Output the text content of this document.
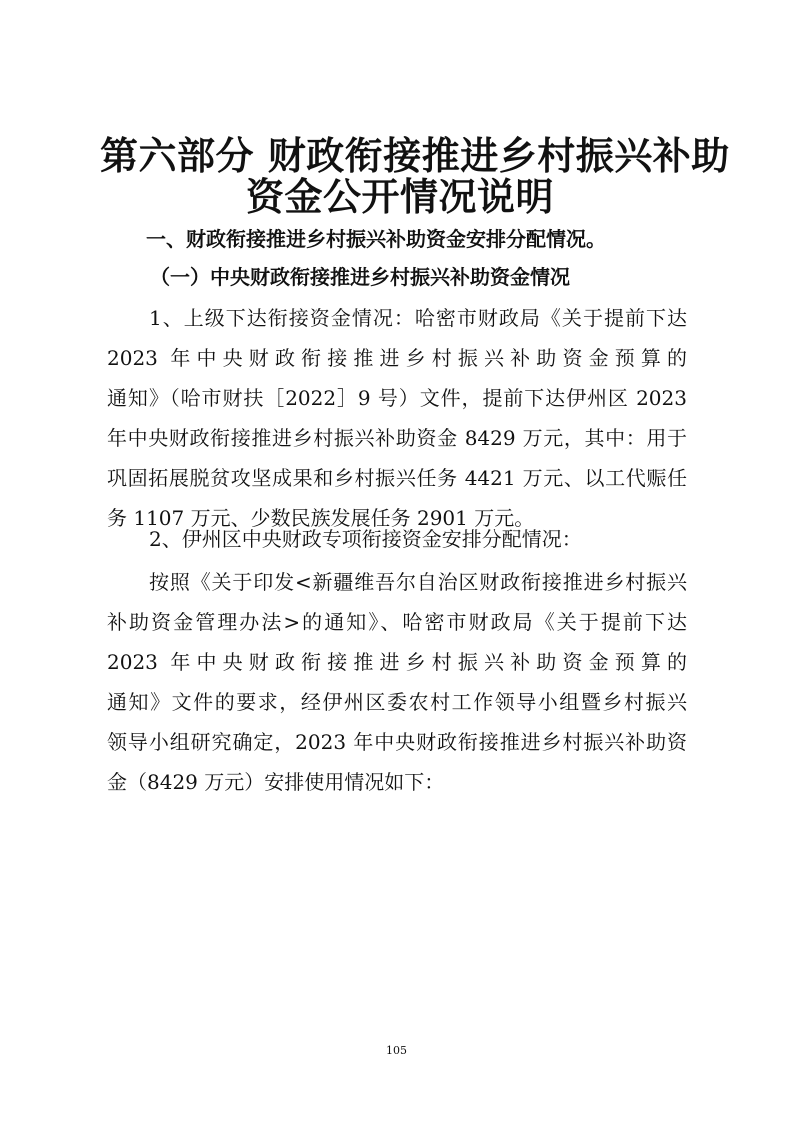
第六部分 财政衔接推进乡村振兴补助
资金公开情况说明
一、财政衔接推进乡村振兴补助资金安排分配情况。
（一）中央财政衔接推进乡村振兴补助资金情况
1、上级下达衔接资金情况：哈密市财政局《关于提前下达
2023 年中央财政衔接推进乡村振兴补助资金预算的
通知》（哈市财扶［2022］9 号）文件，提前下达伊州区 2023
年中央财政衔接推进乡村振兴补助资金 8429 万元，其中：用于
巩固拓展脱贫攻坚成果和乡村振兴任务 4421 万元、以工代赈任
务 1107 万元、少数民族发展任务 2901 万元。
2、伊州区中央财政专项衔接资金安排分配情况：
按照《关于印发<新疆维吾尔自治区财政衔接推进乡村振兴
补助资金管理办法>的通知》、哈密市财政局《关于提前下达
2023 年中央财政衔接推进乡村振兴补助资金预算的
通知》文件的要求，经伊州区委农村工作领导小组暨乡村振兴
领导小组研究确定，2023 年中央财政衔接推进乡村振兴补助资
金（8429 万元）安排使用情况如下：
105
